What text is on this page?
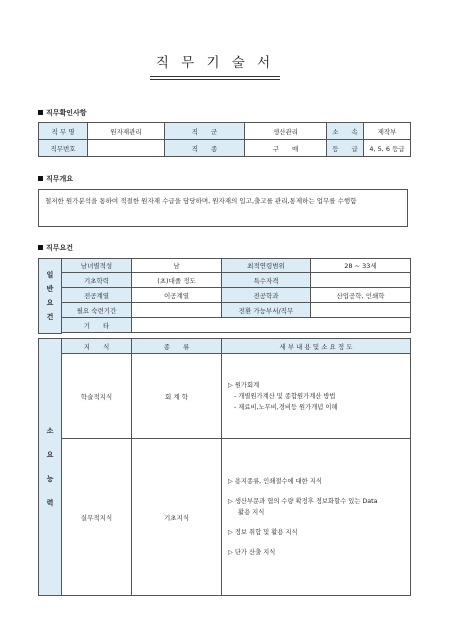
직 무 기 술 서
직무확인사항
직 무 명	원자재관리	직　　군	생산관리	소　　속	제작부
직무번호		직　　종	구　　매	등　　급	4, 5, 6 등급
직무개요
철저한 원가분석을 통하여 적절한 원자재 수급을 담당하며, 원자재의 입고,출고를 관리,통제하는 업무를 수행함
직무요건
일반요건	남녀별적성	남	최적연령범위	28 ~ 33세
	기초학력	(초)대졸 정도	특수자격	
	전공계열	이공계열	전공학과	산업공학, 인쇄학
	필요 숙련기간		전환 가능부서/직무	
	기　　타			

소요능력	지　　식	종　　류	세 부 내 용 및 소 요 정 도
	학술적지식	회 계 학	▷ 원가회계
- 개별원가계산 및 종합원가계산 방법
- 재료비,노무비,경비등 원가개념 이해

	실무적지식	기초지식	▷ 용지종류, 인쇄절수에 대한 지식
▷ 생산부문과 협의 수량 확정후 정보화할수 있는 Data
활용 지식
▷ 정보 취합 및 활용 지식
▷ 단가 산출 지식
